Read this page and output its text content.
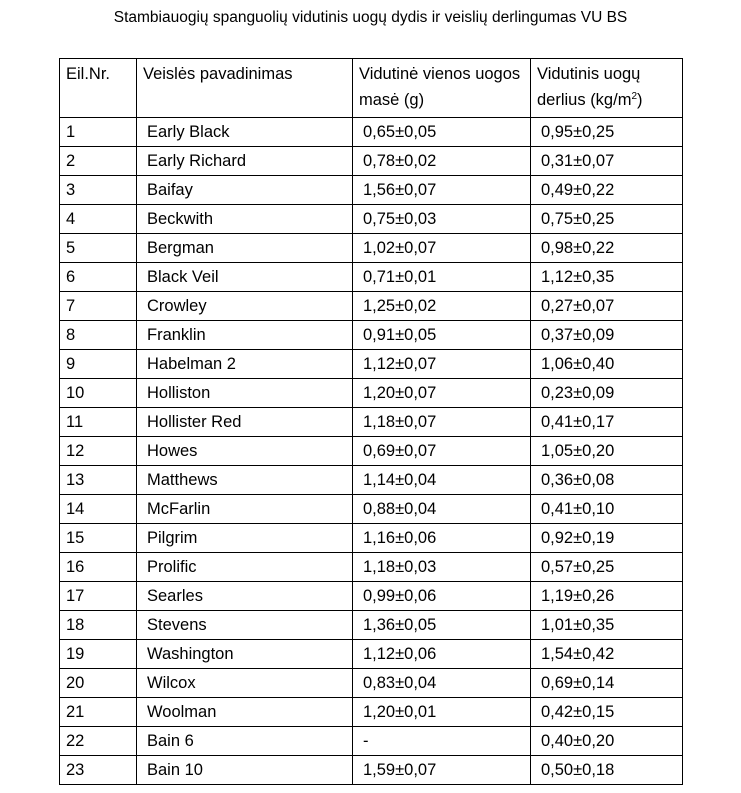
Stambiauogių spanguolių vidutinis uogų dydis ir veislių derlingumas VU BS
Eil.Nr.	Veislės pavadinimas	Vidutinė vienos uogos masė (g)	Vidutinis uogų derlius $(kg/m^2)$
1	Early Black	0,65±0,05	0,95±0,25
2	Early Richard	0,78±0,02	0,31±0,07
3	Baifay	1,56±0,07	0,49±0,22
4	Beckwith	0,75±0,03	0,75±0,25
5	Bergman	1,02±0,07	0,98±0,22
6	Black Veil	0,71±0,01	1,12±0,35
7	Crowley	1,25±0,02	0,27±0,07
8	Franklin	0,91±0,05	0,37±0,09
9	Habelman 2	1,12±0,07	1,06±0,40
10	Holliston	1,20±0,07	0,23±0,09
11	Hollister Red	1,18±0,07	0,41±0,17
12	Howes	0,69±0,07	1,05±0,20
13	Matthews	1,14±0,04	0,36±0,08
14	McFarlin	0,88±0,04	0,41±0,10
15	Pilgrim	1,16±0,06	0,92±0,19
16	Prolific	1,18±0,03	0,57±0,25
17	Searles	0,99±0,06	1,19±0,26
18	Stevens	1,36±0,05	1,01±0,35
19	Washington	1,12±0,06	1,54±0,42
20	Wilcox	0,83±0,04	0,69±0,14
21	Woolman	1,20±0,01	0,42±0,15
22	Bain 6	-	0,40±0,20
23	Bain 10	1,59±0,07	0,50±0,18
